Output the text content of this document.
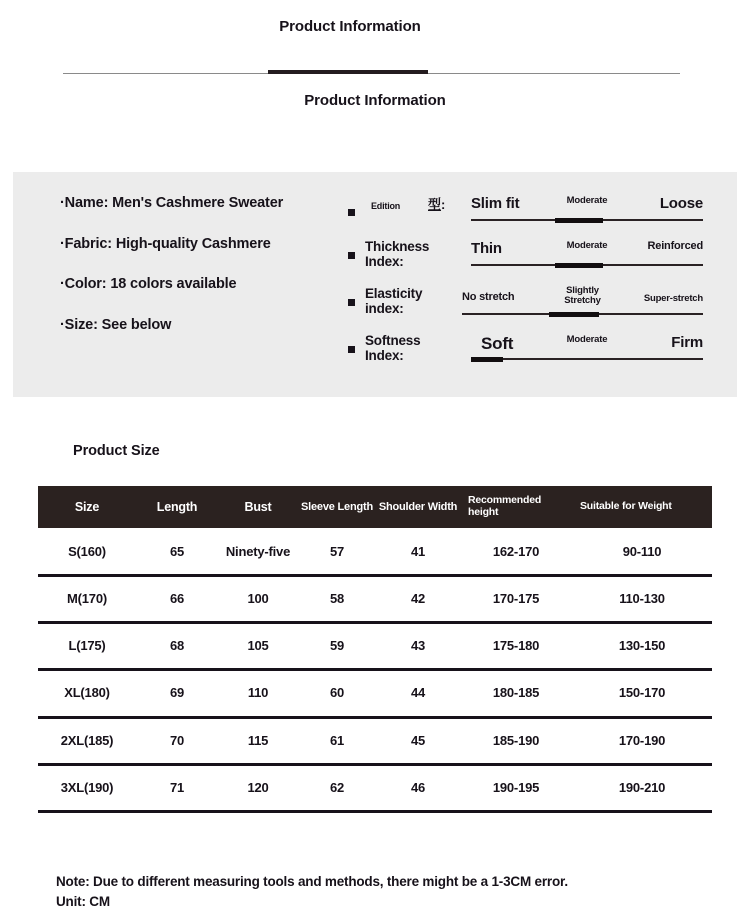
Product Information
Product Information
·Name: Men's Cashmere Sweater
·Fabric: High-quality Cashmere
·Color: 18 colors available
·Size: See below
Edition 型: Slim fit	Moderate	Loose
Thickness Index:
Thin	Moderate	Reinforced
Elasticity index:
No stretch
Slightly Stretchy	Super-stretch
Softness Index:
Soft	Moderate	Firm
Product Size
Size	Length	Bust	Sleeve Length	Shoulder Width	Recommended height	Suitable for Weight
S(160)	65	Ninety-five	57	41	162-170	90-110
M(170)	66	100	58	42	170-175	110-130
L(175)	68	105	59	43	175-180	130-150
XL(180)	69	110	60	44	180-185	150-170
2XL(185)	70	115	61	45	185-190	170-190
3XL(190)	71	120	62	46	190-195	190-210
Note: Due to different measuring tools and methods, there might be a 1-3CM error.
Unit: CM
